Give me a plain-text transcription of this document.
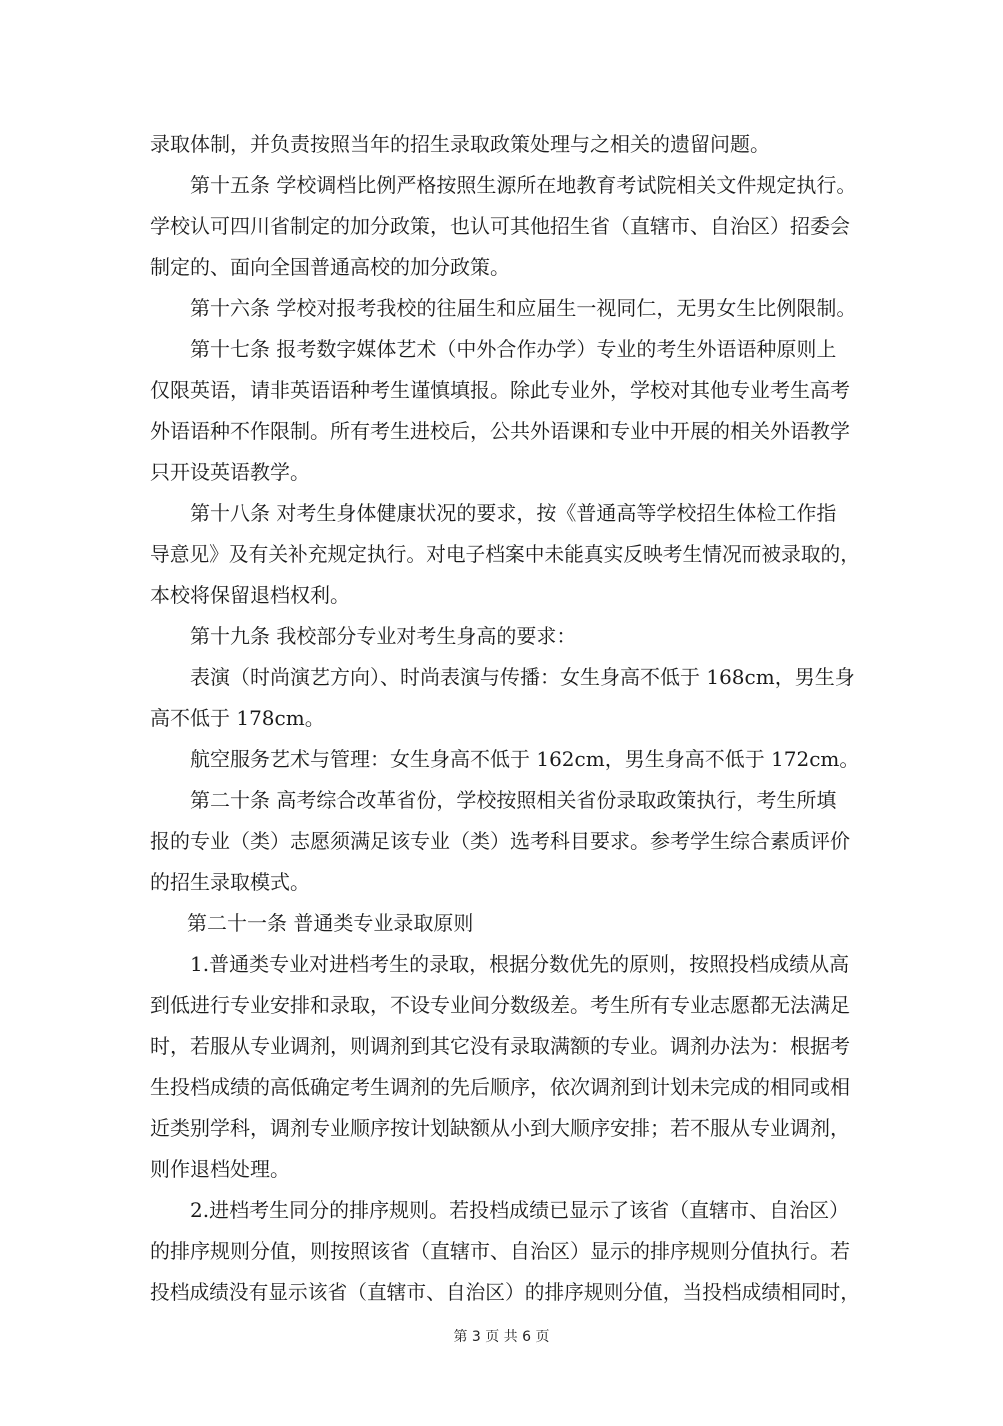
录取体制，并负责按照当年的招生录取政策处理与之相关的遗留问题。
第十五条 学校调档比例严格按照生源所在地教育考试院相关文件规定执行。
学校认可四川省制定的加分政策，也认可其他招生省（直辖市、自治区）招委会
制定的、面向全国普通高校的加分政策。
第十六条 学校对报考我校的往届生和应届生一视同仁，无男女生比例限制。
第十七条 报考数字媒体艺术（中外合作办学）专业的考生外语语种原则上
仅限英语，请非英语语种考生谨慎填报。除此专业外，学校对其他专业考生高考
外语语种不作限制。所有考生进校后，公共外语课和专业中开展的相关外语教学
只开设英语教学。
第十八条 对考生身体健康状况的要求，按《普通高等学校招生体检工作指
导意见》及有关补充规定执行。对电子档案中未能真实反映考生情况而被录取的，
本校将保留退档权利。
第十九条 我校部分专业对考生身高的要求：
表演（时尚演艺方向）、时尚表演与传播：女生身高不低于 168cm，男生身
高不低于 178cm。
航空服务艺术与管理：女生身高不低于 162cm，男生身高不低于 172cm。
第二十条 高考综合改革省份，学校按照相关省份录取政策执行，考生所填
报的专业（类）志愿须满足该专业（类）选考科目要求。参考学生综合素质评价
的招生录取模式。
第二十一条 普通类专业录取原则
1.普通类专业对进档考生的录取，根据分数优先的原则，按照投档成绩从高
到低进行专业安排和录取，不设专业间分数级差。考生所有专业志愿都无法满足
时，若服从专业调剂，则调剂到其它没有录取满额的专业。调剂办法为：根据考
生投档成绩的高低确定考生调剂的先后顺序，依次调剂到计划未完成的相同或相
近类别学科，调剂专业顺序按计划缺额从小到大顺序安排；若不服从专业调剂，
则作退档处理。
2.进档考生同分的排序规则。若投档成绩已显示了该省（直辖市、自治区）
的排序规则分值，则按照该省（直辖市、自治区）显示的排序规则分值执行。若
投档成绩没有显示该省（直辖市、自治区）的排序规则分值，当投档成绩相同时，
第 3 页 共 6 页
